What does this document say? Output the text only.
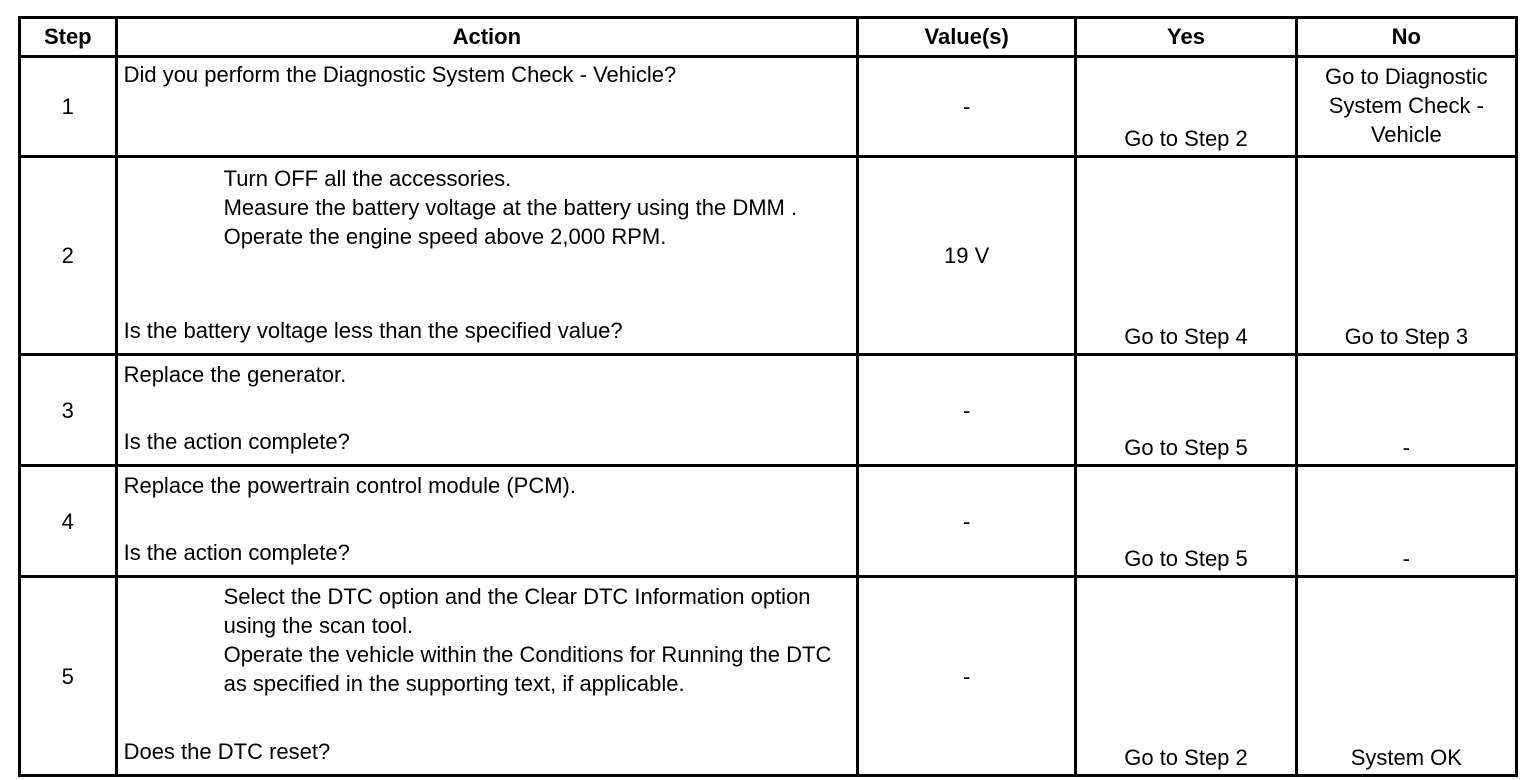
Step	Action	Value(s)	Yes	No
1	Did you perform the Diagnostic System Check - Vehicle?	-	Go to Step 2	Go to Diagnostic System Check - Vehicle

2	Turn OFF all the accessories.
Measure the battery voltage at the battery using the DMM .
Operate the engine speed above 2,000 RPM.
Is the battery voltage less than the specified value?	19 V	Go to Step 4	Go to Step 3
3	Replace the generator.
Is the action complete?	-	Go to Step 5	-
4	Replace the powertrain control module (PCM).
Is the action complete?	-	Go to Step 5	-
5	Select the DTC option and the Clear DTC Information option using the scan tool.
Operate the vehicle within the Conditions for Running the DTC as specified in the supporting text, if applicable.
Does the DTC reset?	-	Go to Step 2	System OK
